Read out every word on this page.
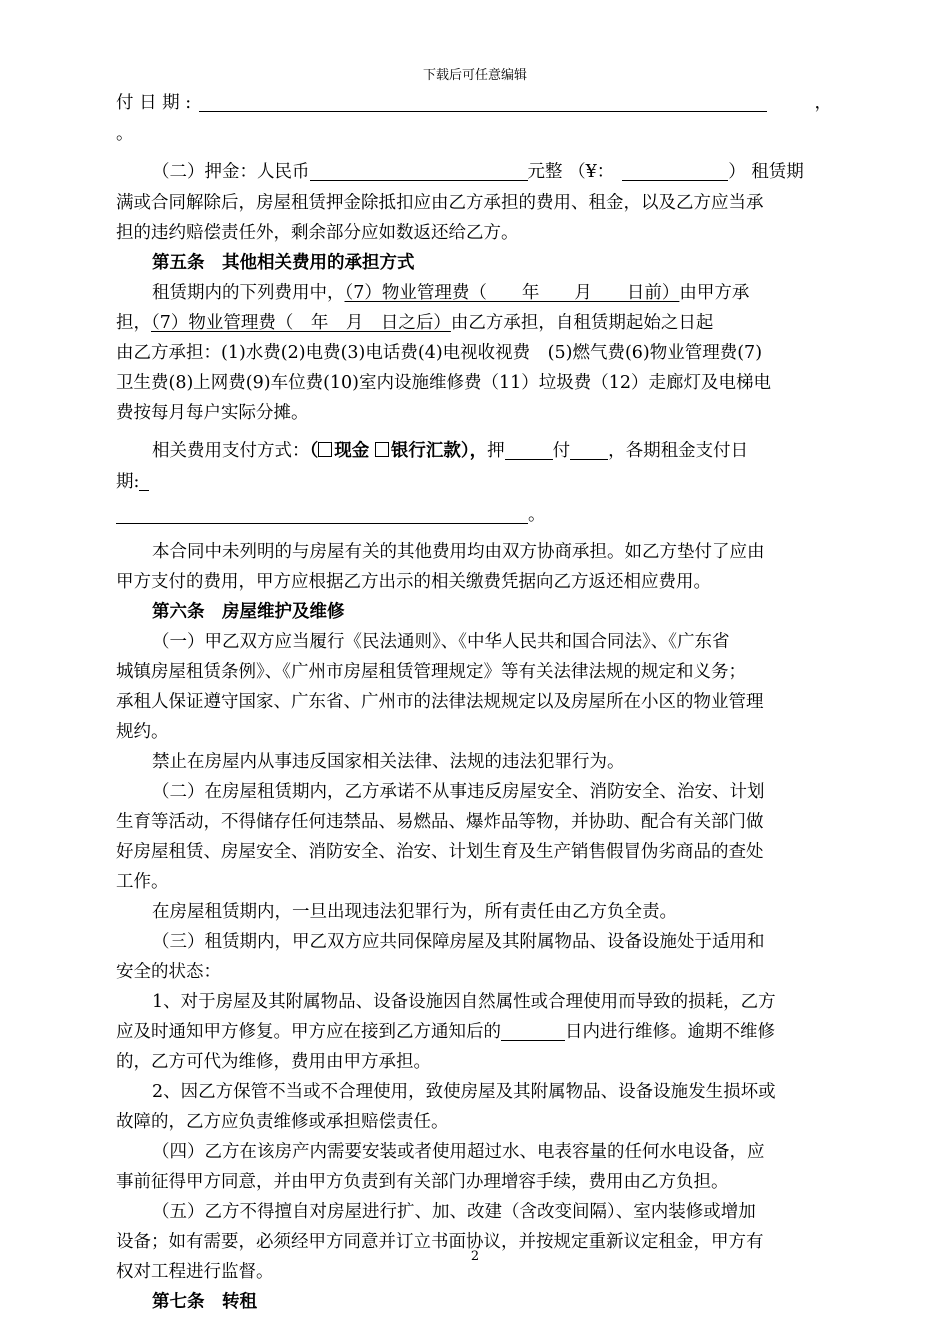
下载后可任意编辑
付 日 期 :	，
。
（二）押金：人民币	元整 （¥：	） 租赁期
满或合同解除后，房屋租赁押金除抵扣应由乙方承担的费用、租金，以及乙方应当承
担的违约赔偿责任外，剩余部分应如数返还给乙方。
第五条　其他相关费用的承担方式
租赁期内的下列费用中，（7）物业管理费（　　年　　月　　日前）由甲方承
担，（7）物业管理费（　年　月　日之后）由乙方承担，自租赁期起始之日起
由乙方承担：(1)水费(2)电费(3)电话费(4)电视收视费　(5)燃气费(6)物业管理费(7)
卫生费(8)上网费(9)车位费(10)室内设施维修费（11）垃圾费（12）走廊灯及电梯电
费按每月每户实际分摊。
相关费用支付方式：（ 现金 银行汇款），押	付 ，各期租金支付日
期:
。
本合同中未列明的与房屋有关的其他费用均由双方协商承担。如乙方垫付了应由
甲方支付的费用，甲方应根据乙方出示的相关缴费凭据向乙方返还相应费用。
第六条　房屋维护及维修
（一）甲乙双方应当履行《民法通则》、《中华人民共和国合同法》、《广东省
城镇房屋租赁条例》、《广州市房屋租赁管理规定》等有关法律法规的规定和义务；
承租人保证遵守国家、广东省、广州市的法律法规规定以及房屋所在小区的物业管理
规约。
禁止在房屋内从事违反国家相关法律、法规的违法犯罪行为。
（二）在房屋租赁期内，乙方承诺不从事违反房屋安全、消防安全、治安、计划
生育等活动，不得储存任何违禁品、易燃品、爆炸品等物，并协助、配合有关部门做
好房屋租赁、房屋安全、消防安全、治安、计划生育及生产销售假冒伪劣商品的查处
工作。
在房屋租赁期内，一旦出现违法犯罪行为，所有责任由乙方负全责。
（三）租赁期内，甲乙双方应共同保障房屋及其附属物品、设备设施处于适用和
安全的状态：
1、对于房屋及其附属物品、设备设施因自然属性或合理使用而导致的损耗，乙方
应及时通知甲方修复。甲方应在接到乙方通知后的	日内进行维修。逾期不维修
的，乙方可代为维修，费用由甲方承担。
2、因乙方保管不当或不合理使用，致使房屋及其附属物品、设备设施发生损坏或
故障的，乙方应负责维修或承担赔偿责任。
（四）乙方在该房产内需要安装或者使用超过水、电表容量的任何水电设备，应
事前征得甲方同意，并由甲方负责到有关部门办理增容手续，费用由乙方负担。
（五）乙方不得擅自对房屋进行扩、加、改建（含改变间隔）、室内装修或增加
设备；如有需要，必须经甲方同意并订立书面协议，并按规定重新议定租金，甲方有
权对工程进行监督。
第七条　转租
2
